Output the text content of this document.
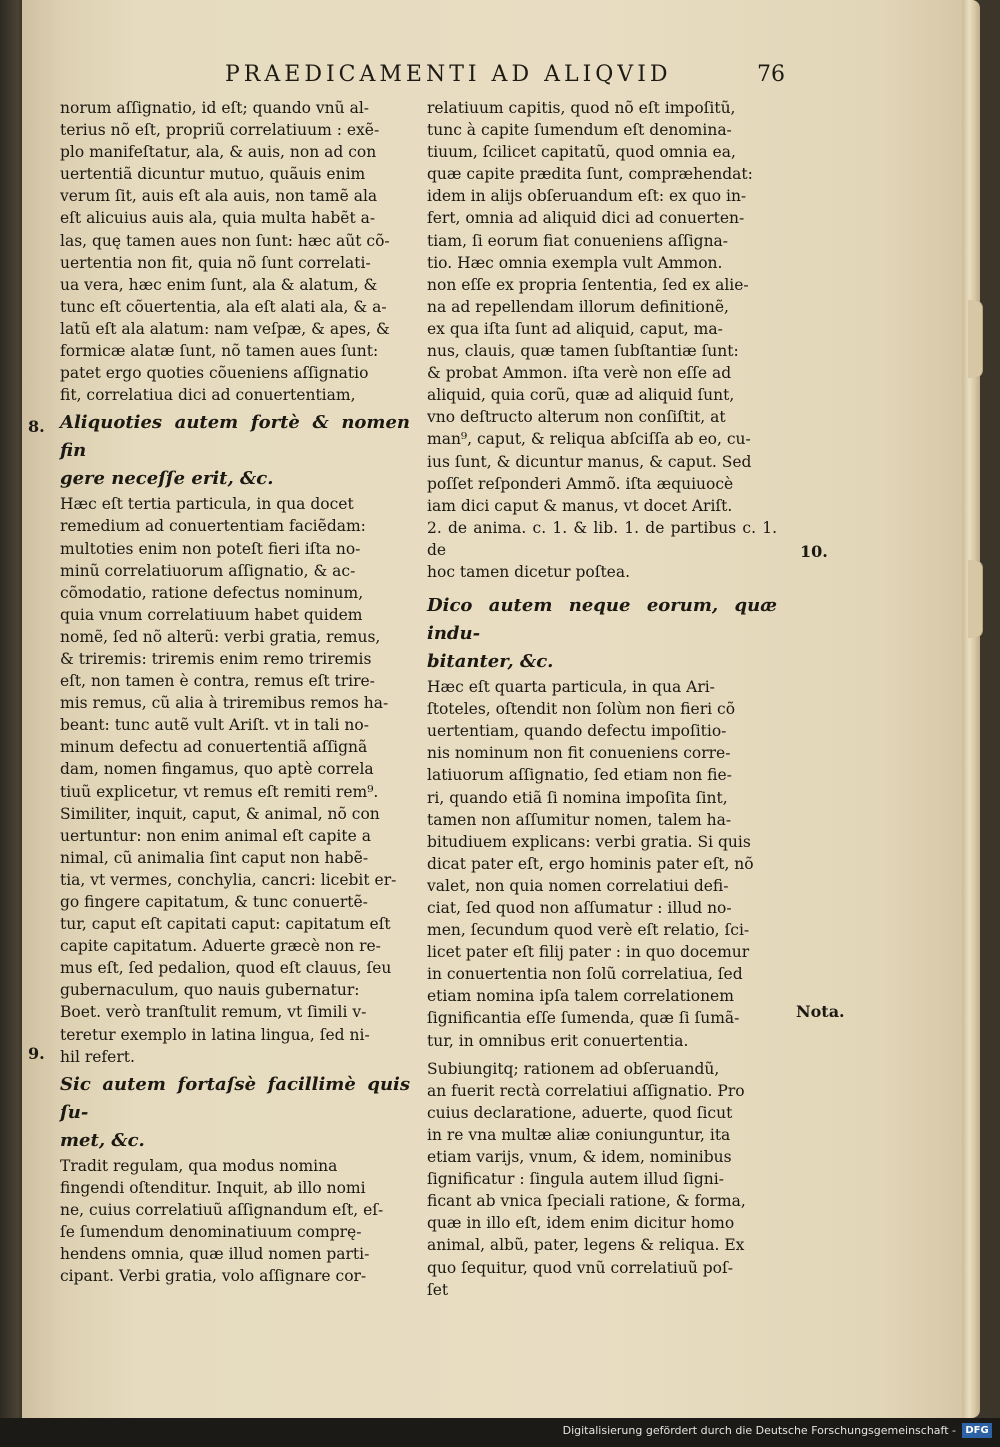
PRAEDICAMENTI AD ALIQVID	76

norum aſſignatio, id eſt; quando vnũ al-
terius nõ eſt, propriũ correlatiuum : exẽ-
plo manifeſtatur, ala, & auis, non ad con
uertentiã dicuntur mutuo, quãuis enim
verum ſit, auis eſt ala auis, non tamẽ ala
eſt alicuius auis ala, quia multa habẽt a-
las, quę tamen aues non ſunt: hæc aũt cõ-
uertentia non fit, quia nõ ſunt correlati-
ua vera, hæc enim ſunt, ala & alatum, &
tunc eſt cõuertentia, ala eſt alati ala, & a-
latũ eſt ala alatum: nam veſpæ, & apes, &
formicæ alatæ ſunt, nõ tamen aues ſunt:
patet ergo quoties cõueniens aſſignatio
fit, correlatiua dici ad conuertentiam,

Aliquoties autem fortè & nomen fin
gere neceſſe erit, &c.

Hæc eſt tertia particula, in qua docet
remedium ad conuertentiam faciẽdam:
multoties enim non poteſt fieri iſta no-
minũ correlatiuorum aſſignatio, & ac-
cõmodatio, ratione defectus nominum,
quia vnum correlatiuum habet quidem
nomẽ, ſed nõ alterũ: verbi gratia, remus,
& triremis: triremis enim remo triremis
eſt, non tamen è contra, remus eſt trire-
mis remus, cũ alia à triremibus remos ha-
beant: tunc autẽ vult Ariſt. vt in tali no-
minum defectu ad conuertentiã aſſignã
dam, nomen fingamus, quo aptè correla
tiuũ explicetur, vt remus eſt remiti rem⁹.
Similiter, inquit, caput, & animal, nõ con
uertuntur: non enim animal eſt capite a
nimal, cũ animalia ſint caput non habẽ-
tia, vt vermes, conchylia, cancri: licebit er-
go fingere capitatum, & tunc conuertẽ-
tur, caput eſt capitati caput: capitatum eſt
capite capitatum. Aduerte græcè non re-
mus eſt, ſed pedalion, quod eſt clauus, ſeu
gubernaculum, quo nauis gubernatur:
Boet. verò tranſtulit remum, vt ſimili v-
teretur exemplo in latina lingua, ſed ni-
hil refert.

Sic autem fortaſsè facillimè quis ſu-
met, &c.

Tradit regulam, qua modus nomina
fingendi oſtenditur. Inquit, ab illo nomi
ne, cuius correlatiuũ aſſignandum eſt, eſ-
ſe ſumendum denominatiuum comprę-
hendens omnia, quæ illud nomen parti-
cipant. Verbi gratia, volo aſſignare cor-

relatiuum capitis, quod nõ eſt impoſitũ,
tunc à capite ſumendum eſt denomina-
tiuum, ſcilicet capitatũ, quod omnia ea,
quæ capite prædita ſunt, compræhendat:
idem in alijs obſeruandum eſt: ex quo in-
fert, omnia ad aliquid dici ad conuerten-
tiam, ſi eorum fiat conueniens aſſigna-
tio. Hæc omnia exempla vult Ammon.
non eſſe ex propria ſententia, ſed ex alie-
na ad repellendam illorum definitionẽ,
ex qua iſta ſunt ad aliquid, caput, ma-
nus, clauis, quæ tamen ſubſtantiæ ſunt:
& probat Ammon. iſta verè non eſſe ad
aliquid, quia corũ, quæ ad aliquid ſunt,
vno deſtructo alterum non conſiſtit, at
man⁹, caput, & reliqua abſciſſa ab eo, cu-
ius ſunt, & dicuntur manus, & caput. Sed
poſſet reſponderi Ammõ. iſta æquiuocè
iam dici caput & manus, vt docet Ariſt.
2. de anima. c. 1. & lib. 1. de partibus c. 1. de
hoc tamen dicetur poſtea.

Dico autem neque eorum, quæ indu-
bitanter, &c.

Hæc eſt quarta particula, in qua Ari-
ſtoteles, oſtendit non ſolùm non fieri cõ
uertentiam, quando defectu impoſitio-
nis nominum non fit conueniens corre-
latiuorum aſſignatio, ſed etiam non fie-
ri, quando etiã ſi nomina impoſita ſint,
tamen non aſſumitur nomen, talem ha-
bitudiuem explicans: verbi gratia. Si quis
dicat pater eſt, ergo hominis pater eſt, nõ
valet, non quia nomen correlatiui defi-
ciat, ſed quod non aſſumatur : illud no-
men, ſecundum quod verè eſt relatio, ſci-
licet pater eſt filij pater : in quo docemur
in conuertentia non ſolũ correlatiua, ſed
etiam nomina ipſa talem correlationem
ſignificantia eſſe ſumenda, quæ ſi ſumã-
tur, in omnibus erit conuertentia.

Subiungitq; rationem ad obſeruandũ,
an fuerit rectà correlatiui aſſignatio. Pro
cuius declaratione, aduerte, quod ſicut
in re vna multæ aliæ coniunguntur, ita
etiam varijs, vnum, & idem, nominibus
ſignificatur : ſingula autem illud ſigni-
ficant ab vnica ſpeciali ratione, & forma,
quæ in illo eſt, idem enim dicitur homo
animal, albũ, pater, legens & reliqua. Ex
quo ſequitur, quod vnũ correlatiuũ poſ-
ſet

8.
9.
10.
Nota.
Digitalisierung gefördert durch die Deutsche Forschungsgemeinschaft - DFG
